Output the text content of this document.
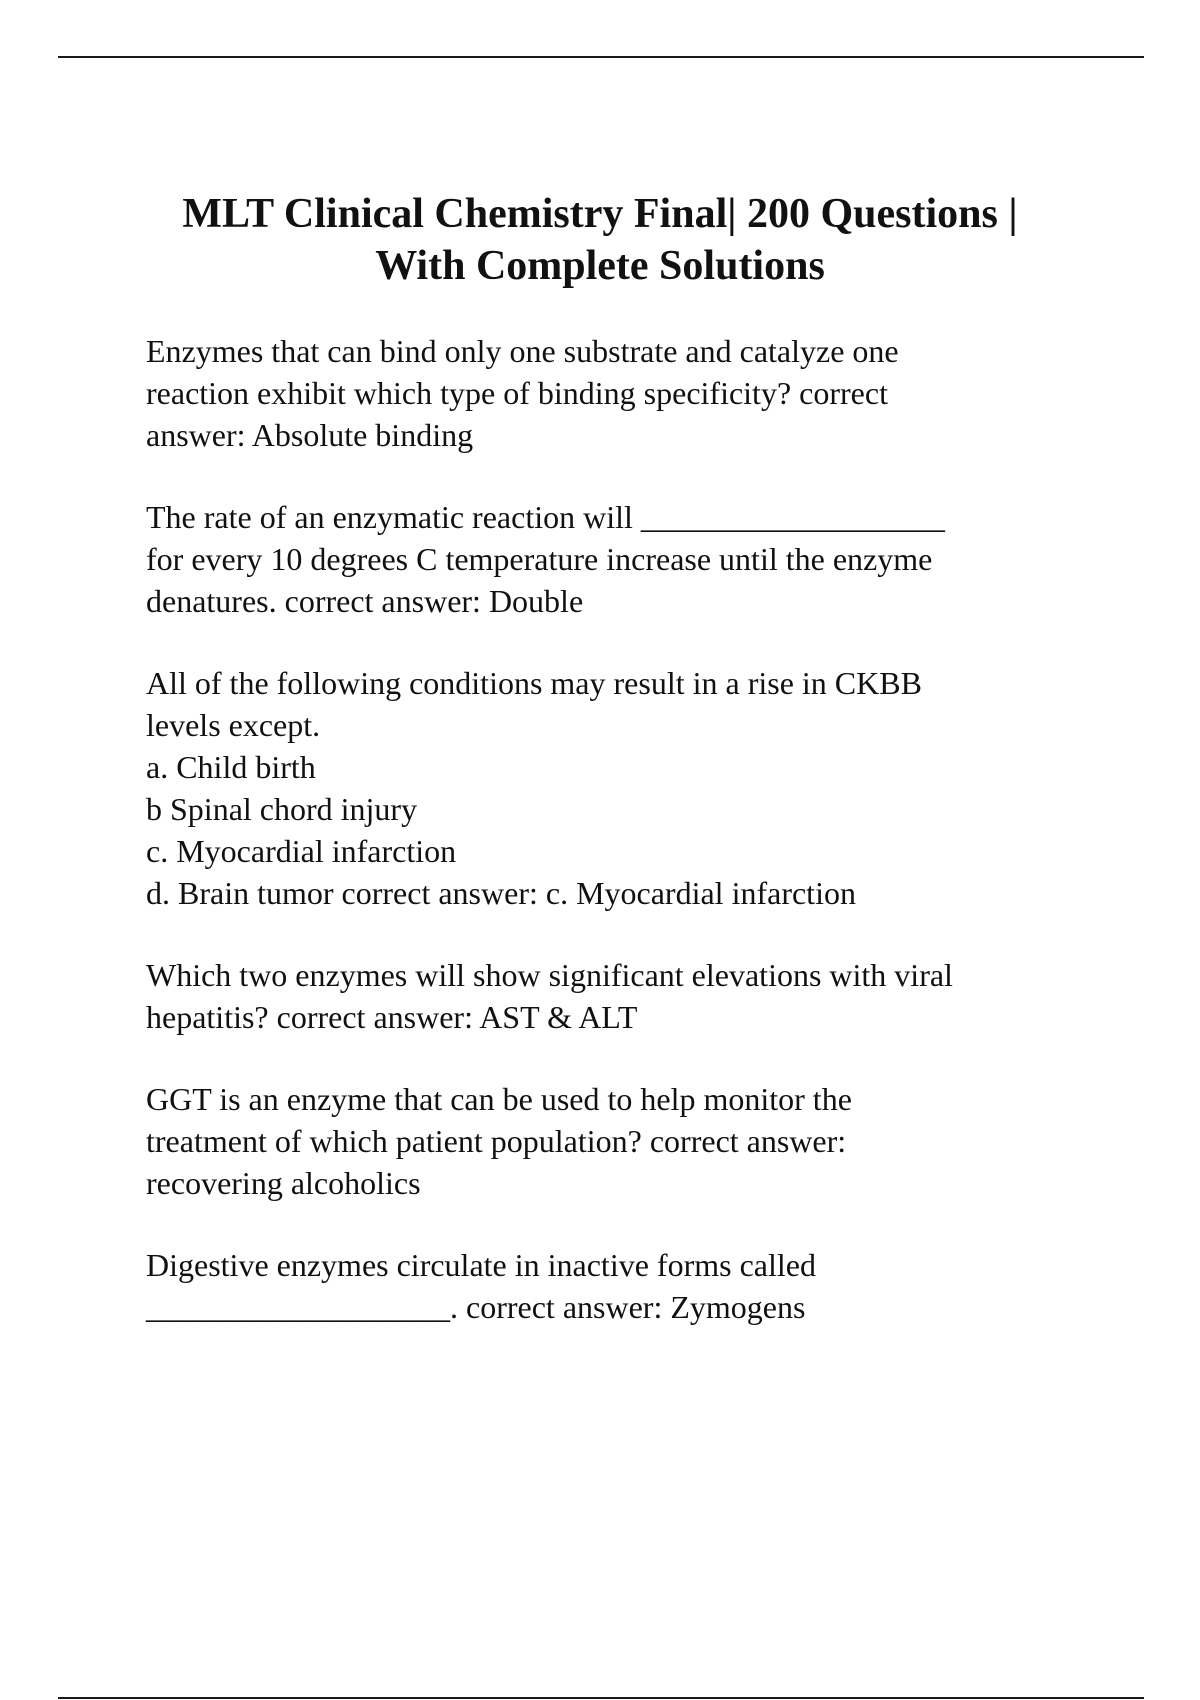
MLT Clinical Chemistry Final| 200 Questions |
With Complete Solutions
Enzymes that can bind only one substrate and catalyze one
reaction exhibit which type of binding specificity? correct
answer: Absolute binding
The rate of an enzymatic reaction will ___________________
for every 10 degrees C temperature increase until the enzyme
denatures. correct answer: Double
All of the following conditions may result in a rise in CKBB
levels except.
a. Child birth
b Spinal chord injury
c. Myocardial infarction
d. Brain tumor correct answer: c. Myocardial infarction
Which two enzymes will show significant elevations with viral
hepatitis? correct answer: AST & ALT
GGT is an enzyme that can be used to help monitor the
treatment of which patient population? correct answer:
recovering alcoholics
Digestive enzymes circulate in inactive forms called
___________________. correct answer: Zymogens
